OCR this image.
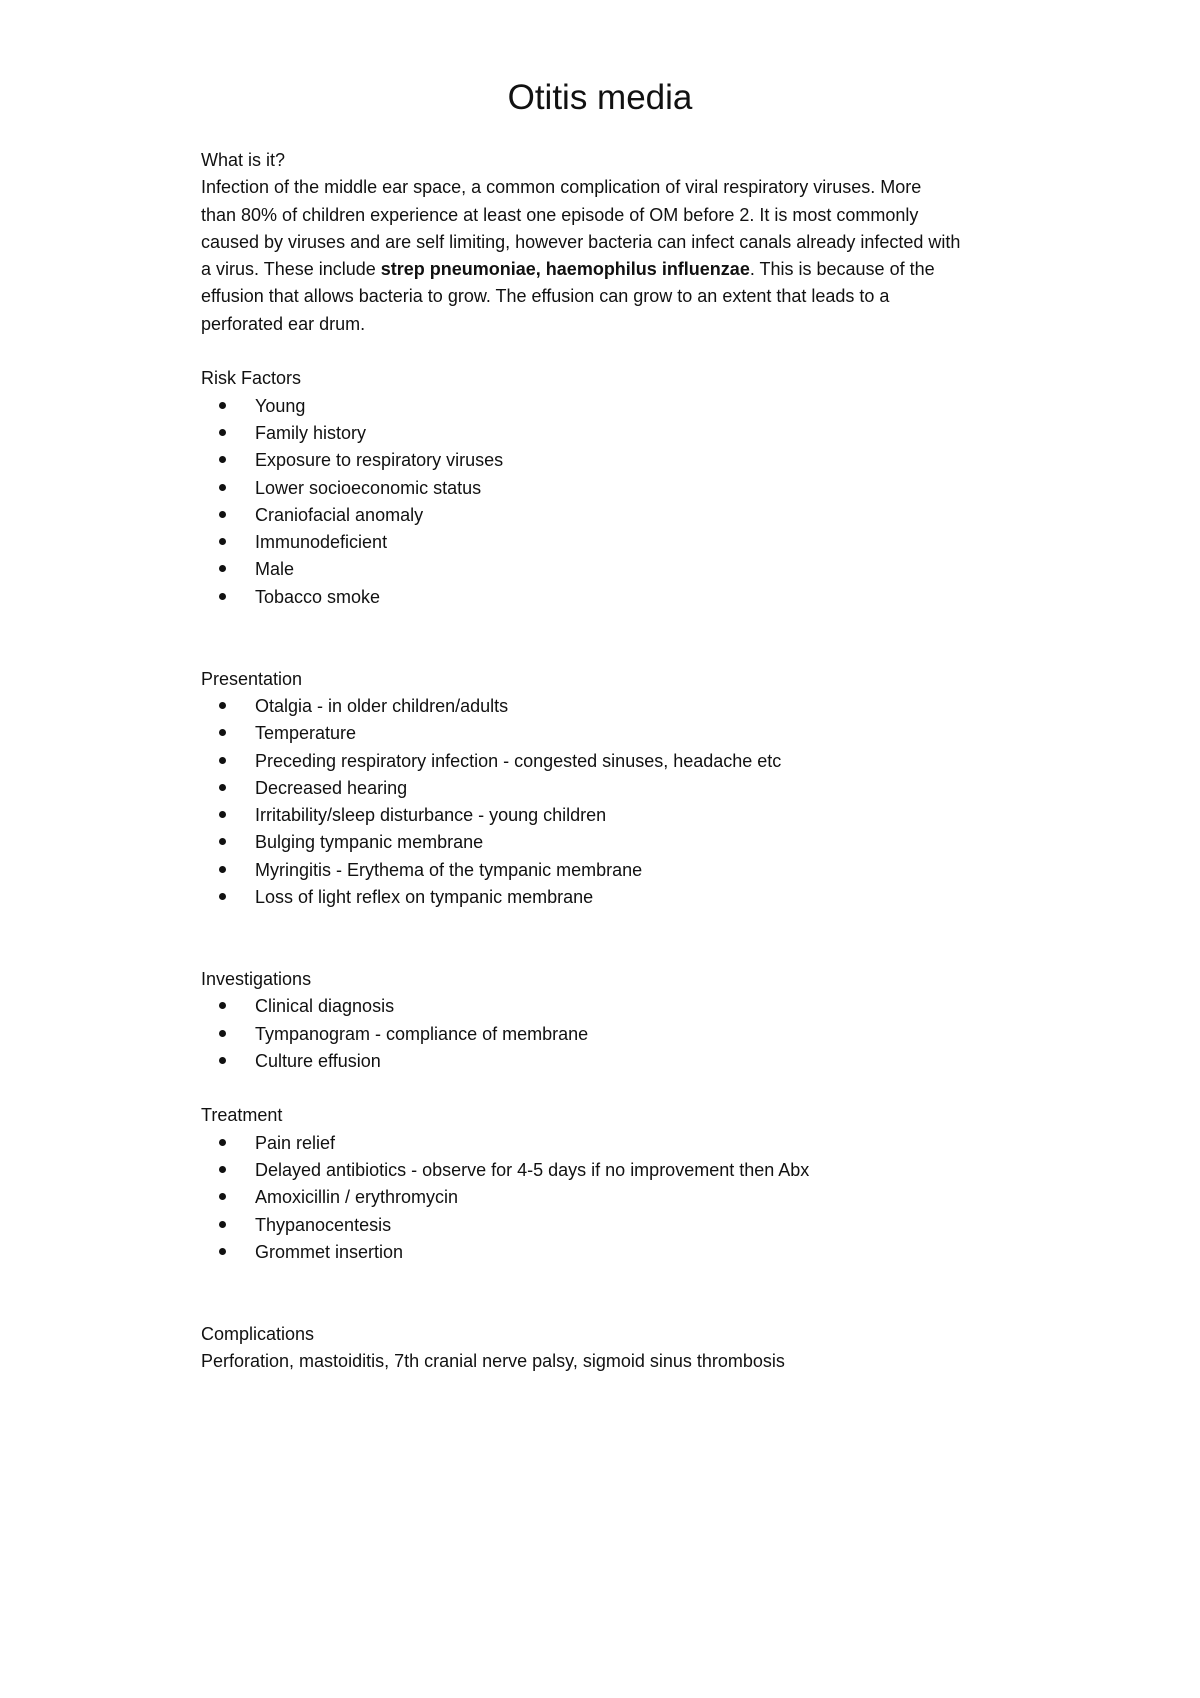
Otitis media

What is it?

Infection of the middle ear space, a common complication of viral respiratory viruses. More

than 80% of children experience at least one episode of OM before 2. It is most commonly

caused by viruses and are self limiting, however bacteria can infect canals already infected with

a virus. These include strep pneumoniae, haemophilus influenzae. This is because of the

effusion that allows bacteria to grow. The effusion can grow to an extent that leads to a

perforated ear drum.

Risk Factors

Young
Family history
Exposure to respiratory viruses
Lower socioeconomic status
Craniofacial anomaly
Immunodeficient
Male
Tobacco smoke

Presentation

Otalgia - in older children/adults
Temperature
Preceding respiratory infection - congested sinuses, headache etc
Decreased hearing
Irritability/sleep disturbance - young children
Bulging tympanic membrane
Myringitis - Erythema of the tympanic membrane
Loss of light reflex on tympanic membrane

Investigations

Clinical diagnosis
Tympanogram - compliance of membrane
Culture effusion

Treatment

Pain relief
Delayed antibiotics - observe for 4-5 days if no improvement then Abx
Amoxicillin / erythromycin
Thypanocentesis
Grommet insertion

Complications

Perforation, mastoiditis, 7th cranial nerve palsy, sigmoid sinus thrombosis
